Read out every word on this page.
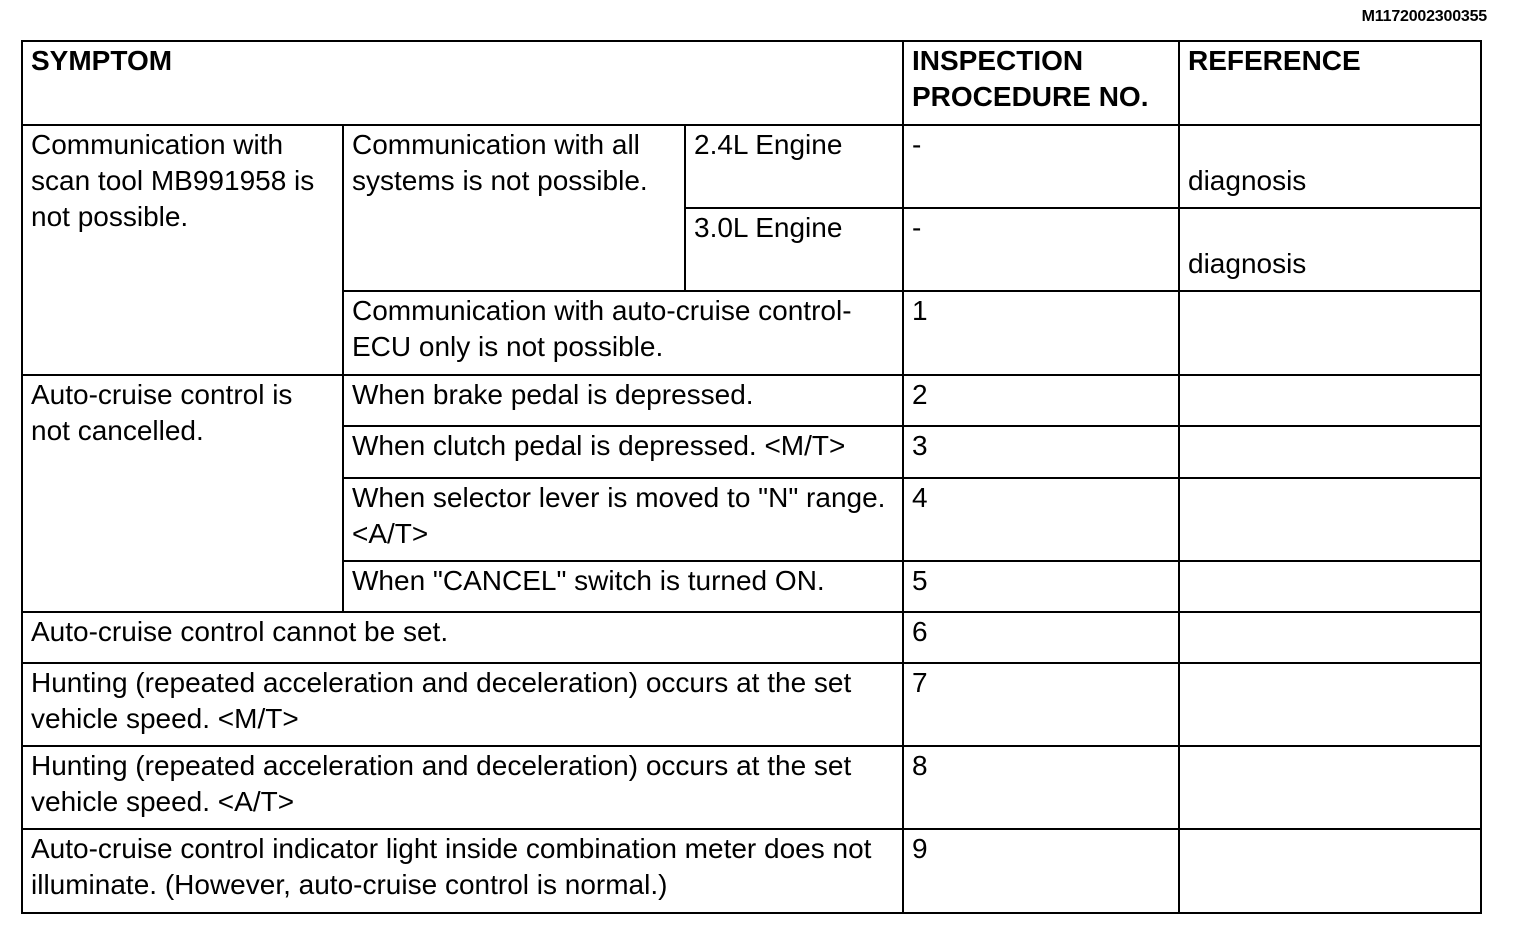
M1172002300355
SYMPTOM			INSPECTION PROCEDURE NO.	REFERENCE
Communication with scan tool MB991958 is not possible.	Communication with all systems is not possible.	2.4L Engine	-	diagnosis
		3.0L Engine	-	diagnosis
	Communication with auto-cruise control-ECU only is not possible.		1	
Auto-cruise control is not cancelled.	When brake pedal is depressed.		2	
	When clutch pedal is depressed. <M/T>		3	
	When selector lever is moved to "N" range. <A/T>		4	
	When "CANCEL" switch is turned ON.		5	
Auto-cruise control cannot be set.			6	
Hunting (repeated acceleration and deceleration) occurs at the set vehicle speed. <M/T>			7	
Hunting (repeated acceleration and deceleration) occurs at the set vehicle speed. <A/T>			8	
Auto-cruise control indicator light inside combination meter does not illuminate. (However, auto-cruise control is normal.)			9	
